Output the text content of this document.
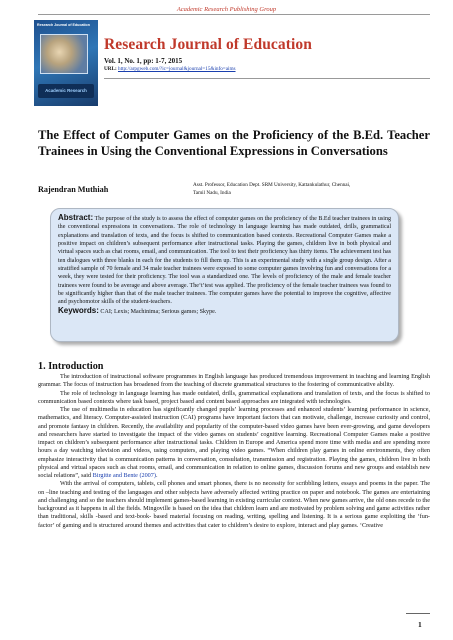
Academic Research Publishing Group
Research Journal of Education
Academic Research
Research Journal of Education
Vol. 1, No. 1, pp: 1-7, 2015
URL: http://arpgweb.com/?ic=journal&journal=15&info=aims
The Effect of Computer Games on the Proficiency of the B.Ed. Teacher Trainees in Using the Conventional Expressions in Conversations
Rajendran Muthiah	Asst. Professor, Education Dept. SRM University, Kattankulathur, Chennai,
Tamil Nadu, India
Abstract: The purpose of the study is to assess the effect of computer games on the proficiency of the B.Ed teacher trainees in using the conventional expressions in conversations. The role of technology in language learning has made outdated, drills, grammatical explanations and translation of texts, and the focus is shifted to communication based contexts. Recreational Computer Games make a positive impact on children’s subsequent performance after instructional tasks. Playing the games, children live in both physical and virtual spaces such as chat rooms, email, and communication. The tool to test their proficiency has thirty items. The achievement test has ten dialogues with three blanks in each for the students to fill them up. This is an experimental study with a single group design. After a stratified sample of 70 female and 34 male teacher trainees were exposed to some computer games involving fun and conversations for a week, they were tested for their proficiency. The tool was a standardized one. The levels of proficiency of the male and female teacher trainees were found to be average and above average. The‘t’test was applied. The proficiency of the female teacher trainees was found to be significantly higher than that of the male teacher trainees. The computer games have the potential to improve the cognitive, affective and psychomotor skills of the student-teachers.
Keywords: CAI; Lexis; Machinima; Serious games; Skype.
1. Introduction

The introduction of instructional software programmes in English language has produced tremendous improvement in teaching and learning English grammar. The focus of instruction has broadened from the teaching of discrete grammatical structures to the fostering of communicative ability.

The role of technology in language learning has made outdated, drills, grammatical explanations and translation of texts, and the focus is shifted to communication based contexts where task based, project based and content based approaches are integrated with technologies.

The use of multimedia in education has significantly changed pupils’ learning processes and enhanced students’ learning performance in science, mathematics, and literacy. Computer-assisted instruction (CAI) programs have important factors that can motivate, challenge, increase curiosity and control, and promote fantasy in children. Recently, the availability and popularity of the computer-based video games have been ever-growing, and game developers and researchers have started to investigate the impact of the video games on students’ cognitive learning. Recreational Computer Games make a positive impact on children’s subsequent performance after instructional tasks. Children in Europe and America spend more time with media and are spending more hours a day watching television and videos, using computers, and playing video games. “When children play games in online environments, they often emphasize interactivity that is communication patterns in conversation, consultation, transmission and registration. Playing the games, children live in both physical and virtual spaces such as chat rooms, email, and communication in relation to online games, discussion forums and new groups and establish new social relations”, said Birgitte and Bente (2007).

With the arrival of computers, tablets, cell phones and smart phones, there is no necessity for scribbling letters, essays and poems in the paper. The on –line teaching and testing of the languages and other subjects have adversely affected writing practice on paper and notebook. The games are entertaining and challenging and so the teachers should implement games-based learning in existing curricular context. When new games arrive, the old ones recede to the background as it happens in all the fields. Mingoville is based on the idea that children learn and are motivated by problem solving and game activities rather than traditional, skills -based and text-book- based material focusing on reading, writing, spelling and listening. It is a serious game exploiting the ‘fun- factor’ of gaming and is structured around themes and activities that cater to children’s desire to explore, interact and play games. ‘Creative

1
